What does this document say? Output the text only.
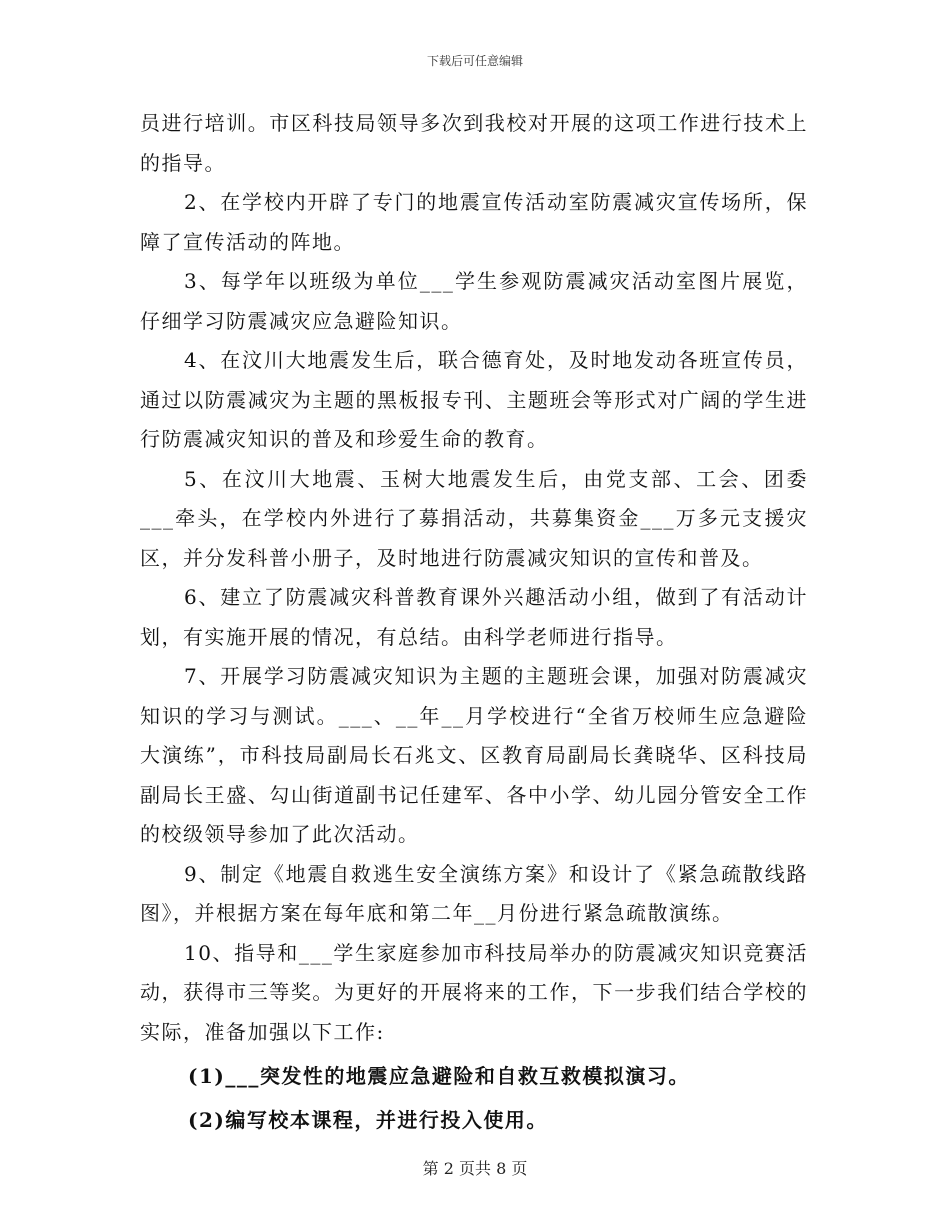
下载后可任意编辑

员进行培训。市区科技局领导多次到我校对开展的这项工作进行技术上的指导。

2、在学校内开辟了专门的地震宣传活动室防震减灾宣传场所，保障了宣传活动的阵地。

3、每学年以班级为单位___学生参观防震减灾活动室图片展览，仔细学习防震减灾应急避险知识。

4、在汶川大地震发生后，联合德育处，及时地发动各班宣传员，通过以防震减灾为主题的黑板报专刊、主题班会等形式对广阔的学生进行防震减灾知识的普及和珍爱生命的教育。

5、在汶川大地震、玉树大地震发生后，由党支部、工会、团委___牵头，在学校内外进行了募捐活动，共募集资金___万多元支援灾区，并分发科普小册子，及时地进行防震减灾知识的宣传和普及。

6、建立了防震减灾科普教育课外兴趣活动小组，做到了有活动计划，有实施开展的情况，有总结。由科学老师进行指导。

7、开展学习防震减灾知识为主题的主题班会课，加强对防震减灾知识的学习与测试。___、__年__月学校进行“全省万校师生应急避险大演练”，市科技局副局长石兆文、区教育局副局长龚晓华、区科技局副局长王盛、勾山街道副书记任建军、各中小学、幼儿园分管安全工作的校级领导参加了此次活动。

9、制定《地震自救逃生安全演练方案》和设计了《紧急疏散线路图》，并根据方案在每年底和第二年__月份进行紧急疏散演练。

10、指导和___学生家庭参加市科技局举办的防震减灾知识竞赛活动，获得市三等奖。为更好的开展将来的工作，下一步我们结合学校的实际，准备加强以下工作:

(1)___突发性的地震应急避险和自救互救模拟演习。

(2)编写校本课程，并进行投入使用。

第 2 页共 8 页
